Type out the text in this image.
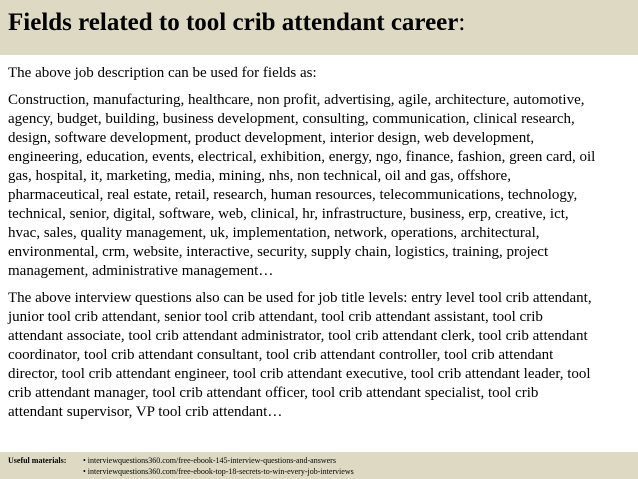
Fields related to tool crib attendant career:
The above job description can be used for fields as:
Construction, manufacturing, healthcare, non profit, advertising, agile, architecture, automotive,
agency, budget, building, business development, consulting, communication, clinical research,
design, software development, product development, interior design, web development,
engineering, education, events, electrical, exhibition, energy, ngo, finance, fashion, green card, oil
gas, hospital, it, marketing, media, mining, nhs, non technical, oil and gas, offshore,
pharmaceutical, real estate, retail, research, human resources, telecommunications, technology,
technical, senior, digital, software, web, clinical, hr, infrastructure, business, erp, creative, ict,
hvac, sales, quality management, uk, implementation, network, operations, architectural,
environmental, crm, website, interactive, security, supply chain, logistics, training, project
management, administrative management…
The above interview questions also can be used for job title levels: entry level tool crib attendant,
junior tool crib attendant, senior tool crib attendant, tool crib attendant assistant, tool crib
attendant associate, tool crib attendant administrator, tool crib attendant clerk, tool crib attendant
coordinator, tool crib attendant consultant, tool crib attendant controller, tool crib attendant
director, tool crib attendant engineer, tool crib attendant executive, tool crib attendant leader, tool
crib attendant manager, tool crib attendant officer, tool crib attendant specialist, tool crib
attendant supervisor, VP tool crib attendant…
Useful materials:	• interviewquestions360.com/free-ebook-145-interview-questions-and-answers
• interviewquestions360.com/free-ebook-top-18-secrets-to-win-every-job-interviews
